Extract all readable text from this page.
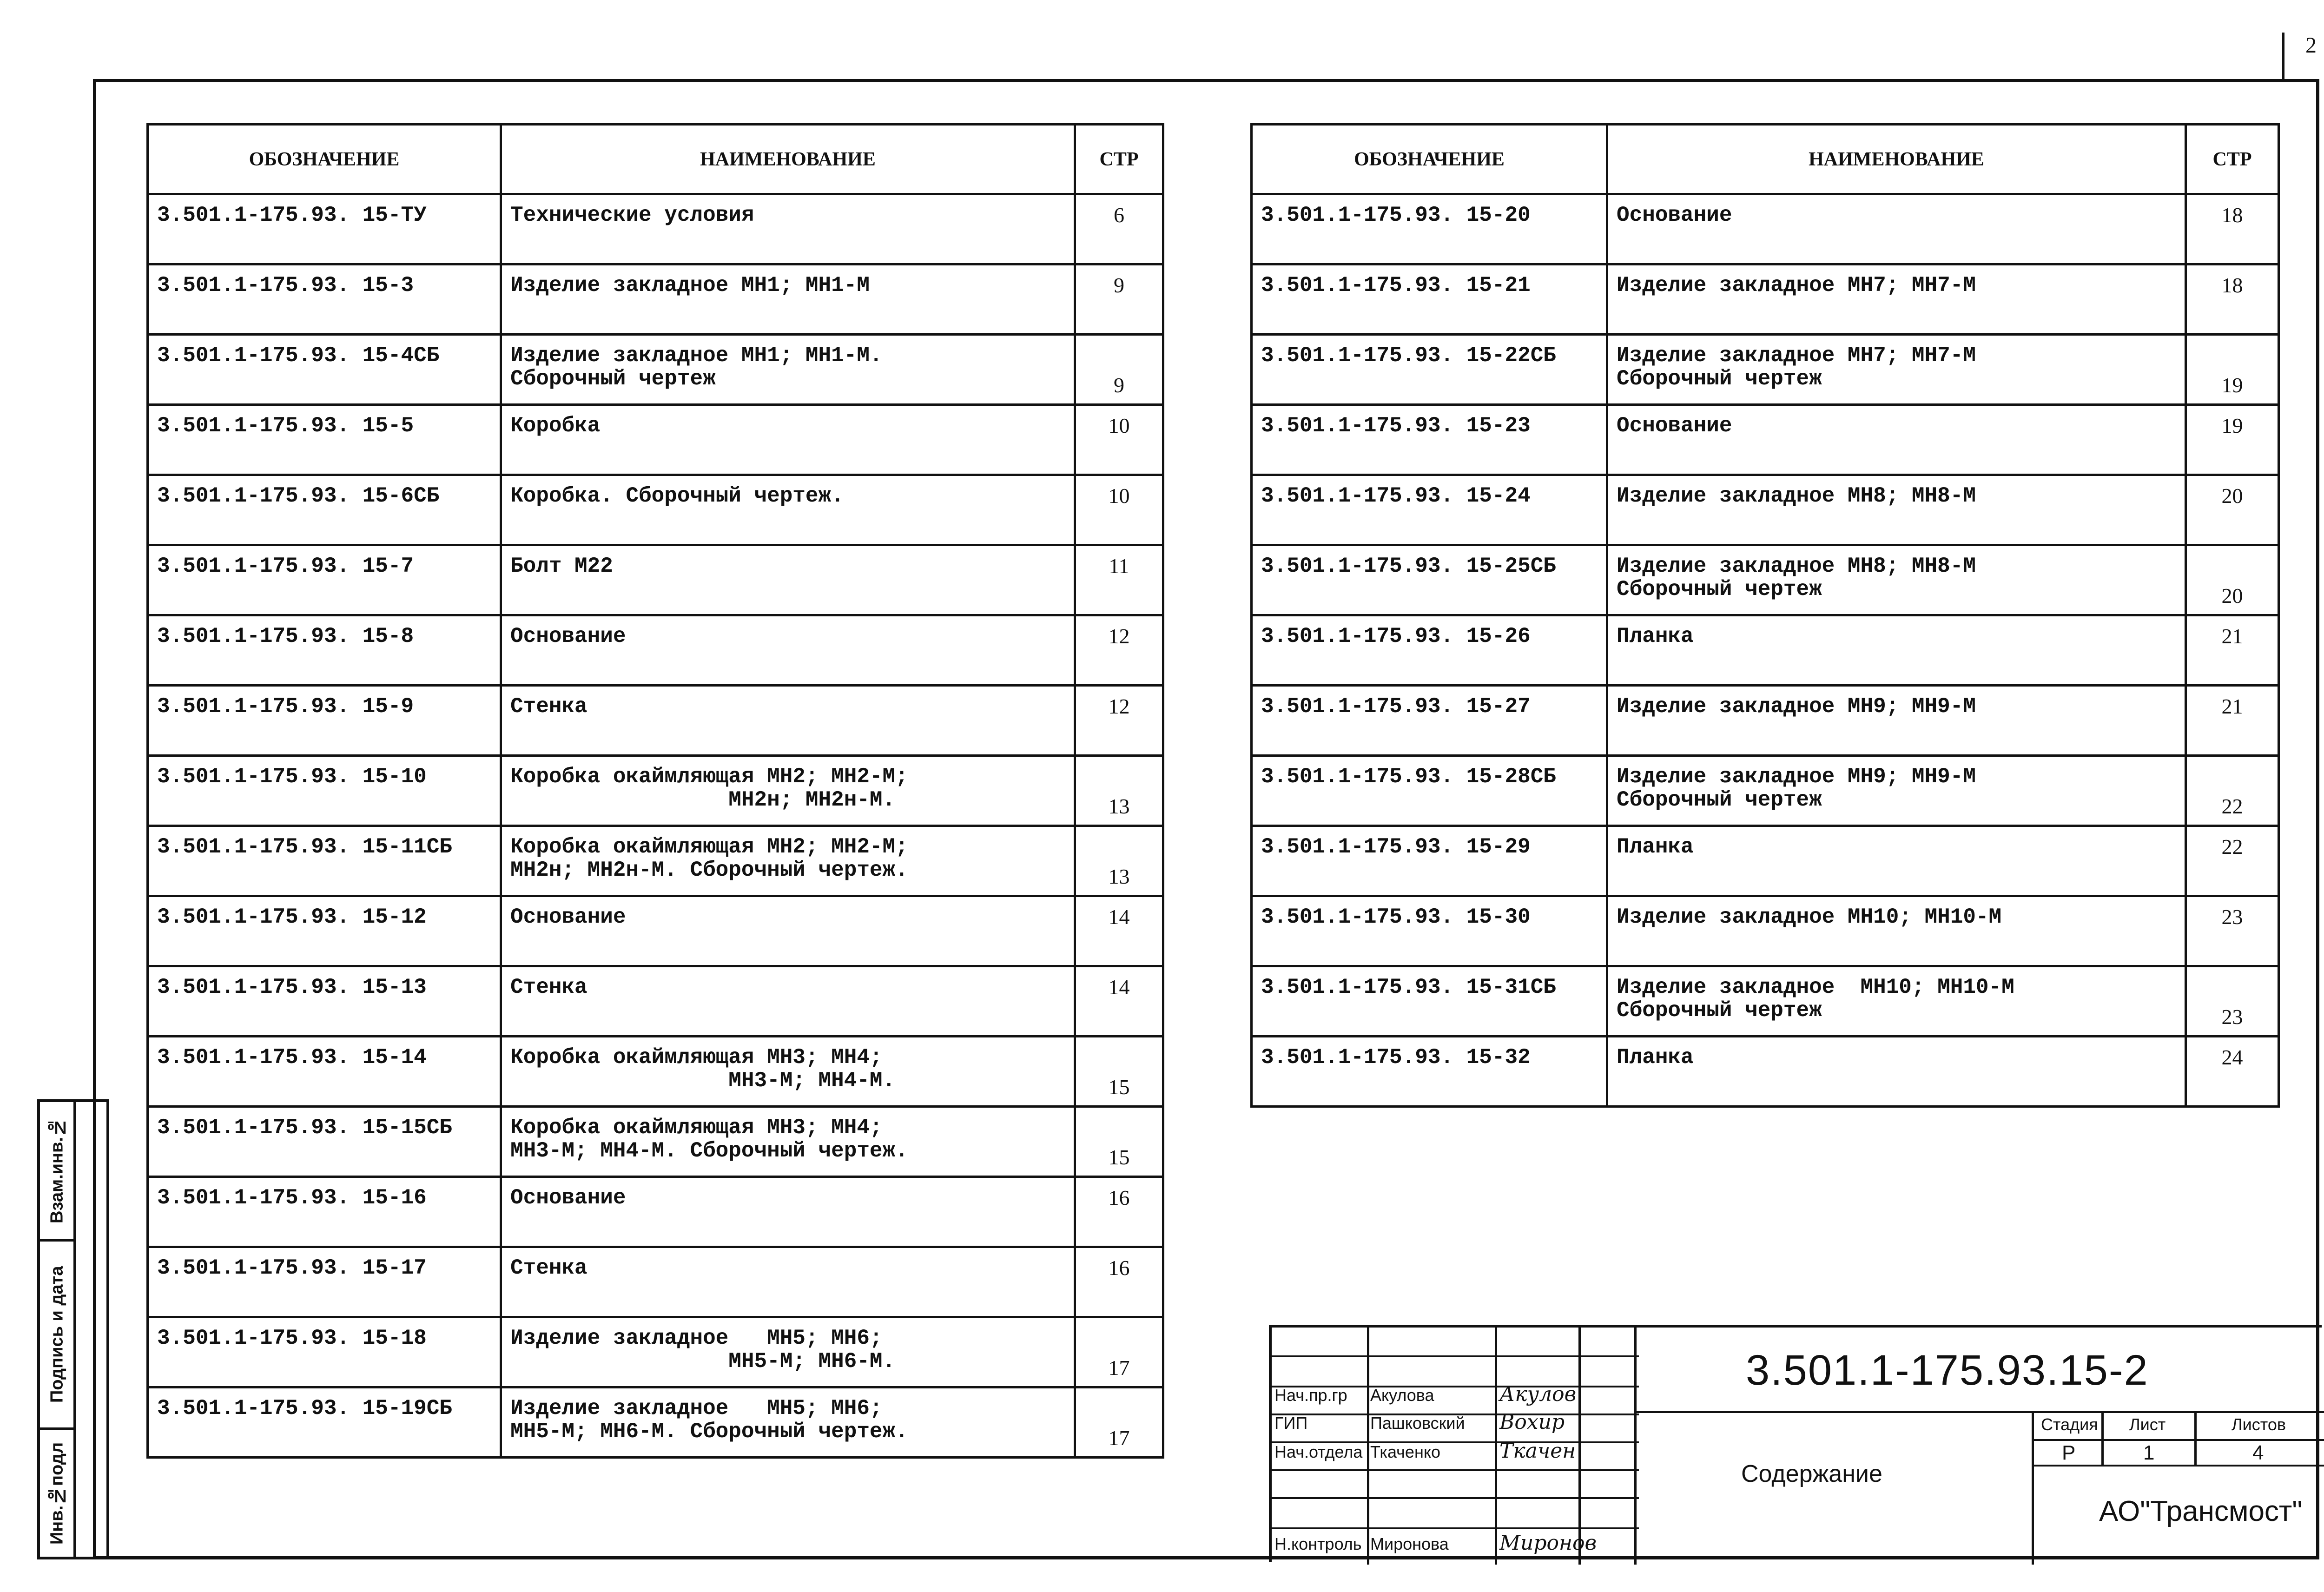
2
ОБОЗНАЧЕНИЕ	НАИМЕНОВАНИЕ	СТР
3.501.1-175.93. 15-ТУ	Технические условия	6
3.501.1-175.93. 15-3	Изделие закладное МН1; МН1-М	9
3.501.1-175.93. 15-4СБ	Изделие закладное МН1; МН1-М.
Сборочный чертеж	9
3.501.1-175.93. 15-5	Коробка	10
3.501.1-175.93. 15-6СБ	Коробка. Сборочный чертеж.	10
3.501.1-175.93. 15-7	Болт М22	11
3.501.1-175.93. 15-8	Основание	12
3.501.1-175.93. 15-9	Стенка	12
3.501.1-175.93. 15-10	Коробка окаймляющая МН2; МН2-М;
МН2н; МН2н-М.	13
3.501.1-175.93. 15-11СБ	Коробка окаймляющая МН2; МН2-М;
МН2н; МН2н-М. Сборочный чертеж.	13
3.501.1-175.93. 15-12	Основание	14
3.501.1-175.93. 15-13	Стенка	14
3.501.1-175.93. 15-14	Коробка окаймляющая МН3; МН4;
МН3-М; МН4-М.	15
3.501.1-175.93. 15-15СБ	Коробка окаймляющая МН3; МН4;
МН3-М; МН4-М. Сборочный чертеж.	15
3.501.1-175.93. 15-16	Основание	16
3.501.1-175.93. 15-17	Стенка	16
3.501.1-175.93. 15-18	Изделие закладное   МН5; МН6;
МН5-М; МН6-М.	17
3.501.1-175.93. 15-19СБ	Изделие закладное   МН5; МН6;
МН5-М; МН6-М. Сборочный чертеж.	17
ОБОЗНАЧЕНИЕ	НАИМЕНОВАНИЕ	СТР
3.501.1-175.93. 15-20	Основание	18
3.501.1-175.93. 15-21	Изделие закладное МН7; МН7-М	18
3.501.1-175.93. 15-22СБ	Изделие закладное МН7; МН7-М
Сборочный чертеж	19
3.501.1-175.93. 15-23	Основание	19
3.501.1-175.93. 15-24	Изделие закладное МН8; МН8-М	20
3.501.1-175.93. 15-25СБ	Изделие закладное МН8; МН8-М
Сборочный чертеж	20
3.501.1-175.93. 15-26	Планка	21
3.501.1-175.93. 15-27	Изделие закладное МН9; МН9-М	21
3.501.1-175.93. 15-28СБ	Изделие закладное МН9; МН9-М
Сборочный чертеж	22
3.501.1-175.93. 15-29	Планка	22
3.501.1-175.93. 15-30	Изделие закладное МН10; МН10-М	23
3.501.1-175.93. 15-31СБ	Изделие закладное  МН10; МН10-М
Сборочный чертеж	23
3.501.1-175.93. 15-32	Планка	24
Взам.инв.№
Подпись и дата
Инв.№подл
Нач.пр.гр Акулова	Акулов
ГИП	Пашковский Вохир
Нач.отдела Ткаченко	Ткачен
Н.контроль Миронова Миронов
3.501.1-175.93.15-2
Содержание
Стадия Лист	Листов
Р	1	4
АО"Трансмост"
